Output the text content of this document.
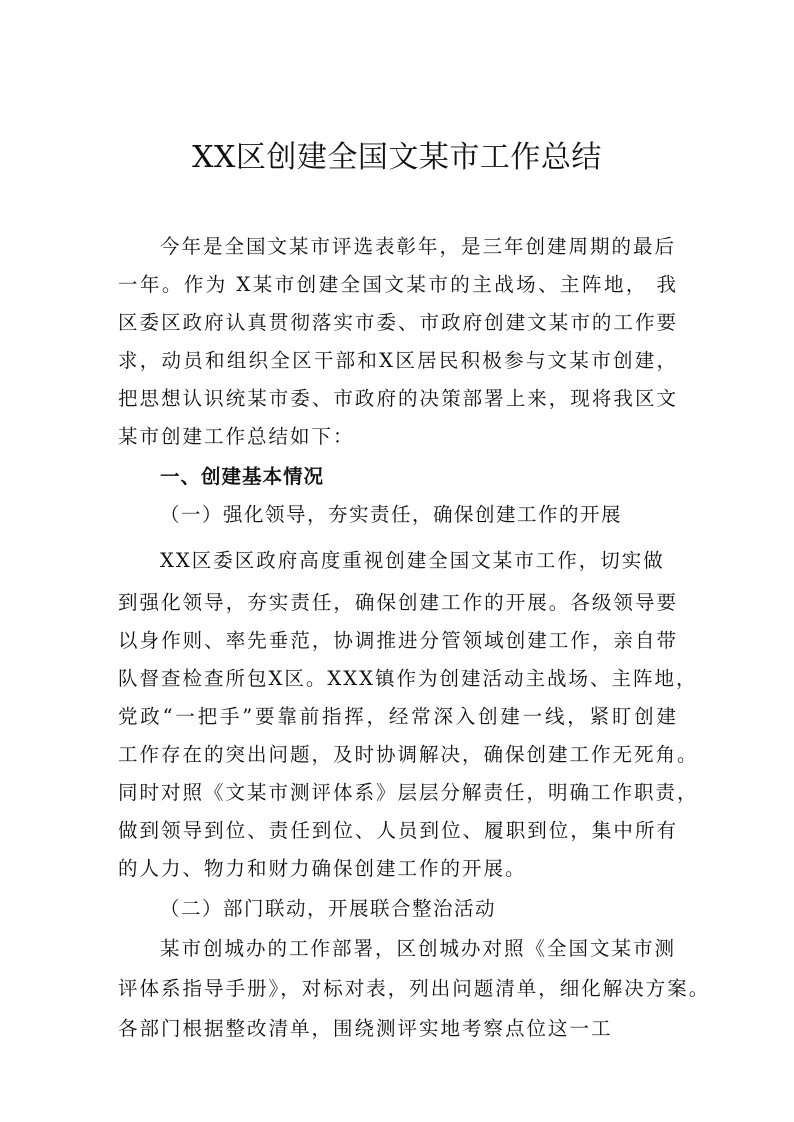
XX区创建全国文某市工作总结
今年是全国文某市评选表彰年，是三年创建周期的最后
一年。作为 X某市创建全国文某市的主战场、主阵地， 我
区委区政府认真贯彻落实市委、市政府创建文某市的工作要
求，动员和组织全区干部和X区居民积极参与文某市创建，
把思想认识统某市委、市政府的决策部署上来，现将我区文
某市创建工作总结如下：
一、创建基本情况
（一）强化领导，夯实责任，确保创建工作的开展
XX区委区政府高度重视创建全国文某市工作，切实做
到强化领导，夯实责任，确保创建工作的开展。各级领导要
以身作则、率先垂范，协调推进分管领域创建工作，亲自带
队督查检查所包X区。XXX镇作为创建活动主战场、主阵地，
党政“一把手”要靠前指挥，经常深入创建一线，紧盯创建
工作存在的突出问题，及时协调解决，确保创建工作无死角。
同时对照《文某市测评体系》层层分解责任，明确工作职责，
做到领导到位、责任到位、人员到位、履职到位，集中所有
的人力、物力和财力确保创建工作的开展。
（二）部门联动，开展联合整治活动
某市创城办的工作部署，区创城办对照《全国文某市测
评体系指导手册》，对标对表，列出问题清单，细化解决方案。
各部门根据整改清单，围绕测评实地考察点位这一工
